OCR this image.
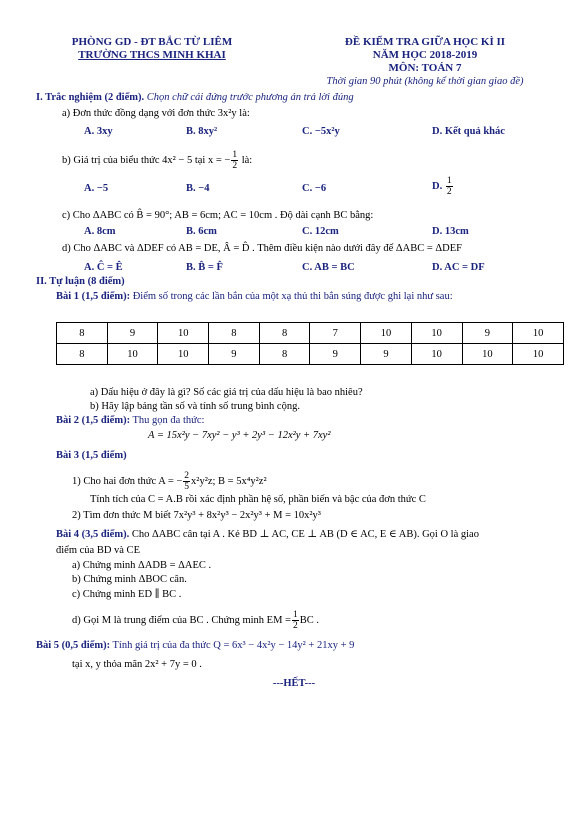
PHÒNG GD - ĐT BẮC TỪ LIÊM
TRƯỜNG THCS MINH KHAI
ĐỀ KIỂM TRA GIỮA HỌC KÌ II
NĂM HỌC 2018-2019
MÔN: TOÁN 7
Thời gian 90 phút (không kể thời gian giao đề)
I. Trắc nghiệm (2 điểm). Chọn chữ cái đứng trước phương án trả lời đúng
a) Đơn thức đồng dạng với đơn thức 3x²y là:
A. 3xy	B. 8xy²	C. −5x²y	D. Kết quả khác
b) Giá trị của biểu thức 4x² − 5 tại x = − $\frac{1}{2}$ là:
A. −5	B. −4	C. −6	D. $\frac{1}{2}$
c) Cho ΔABC có B̂ = 90°; AB = 6cm; AC = 10cm . Độ dài cạnh BC bằng:
A. 8cm	B. 6cm	C. 12cm	D. 13cm
d) Cho ΔABC và ΔDEF có AB = DE, Â = D̂ . Thêm điều kiện nào dưới đây để ΔABC = ΔDEF
A. Ĉ = Ê	B. B̂ = F̂	C. AB = BC	D. AC = DF
II. Tự luận (8 điểm)
Bài 1 (1,5 điểm): Điểm số trong các lần bắn của một xạ thủ thi bắn súng được ghi lại như sau:
8	9	10	8	8	7	10	10	9	10
8	10	10	9	8	9	9	10	10	10
a) Dấu hiệu ở đây là gì? Số các giá trị của dấu hiệu là bao nhiêu?
b) Hãy lập bảng tần số và tính số trung bình cộng.
Bài 2 (1,5 điểm): Thu gọn đa thức:
A = 15x²y − 7xy² − y³ + 2y³ − 12x²y + 7xy²
Bài 3 (1,5 điểm)
1) Cho hai đơn thức A = − $\frac{2}{5} x^2y^2z$; B = 5x⁴y²z²
Tính tích của C = A.B rồi xác định phần hệ số, phần biến và bậc của đơn thức C
2) Tìm đơn thức M biết 7x²y³ + 8x²y³ − 2x²y³ + M = 10x²y³
Bài 4 (3,5 điểm). Cho ΔABC cân tại A . Kẻ BD ⊥ AC, CE ⊥ AB (D ∈ AC, E ∈ AB). Gọi O là giao
điểm của BD và CE
a) Chứng minh ΔADB = ΔAEC .
b) Chứng minh ΔBOC cân.
c) Chứng minh ED ∥ BC .
d) Gọi M là trung điểm của BC . Chứng minh EM = $\frac{1}{2}$ BC .
Bài 5 (0,5 điểm): Tính giá trị của đa thức Q = 6x³ − 4x²y − 14y² + 21xy + 9
tại x, y thỏa mãn 2x² + 7y = 0 .
---HẾT---
